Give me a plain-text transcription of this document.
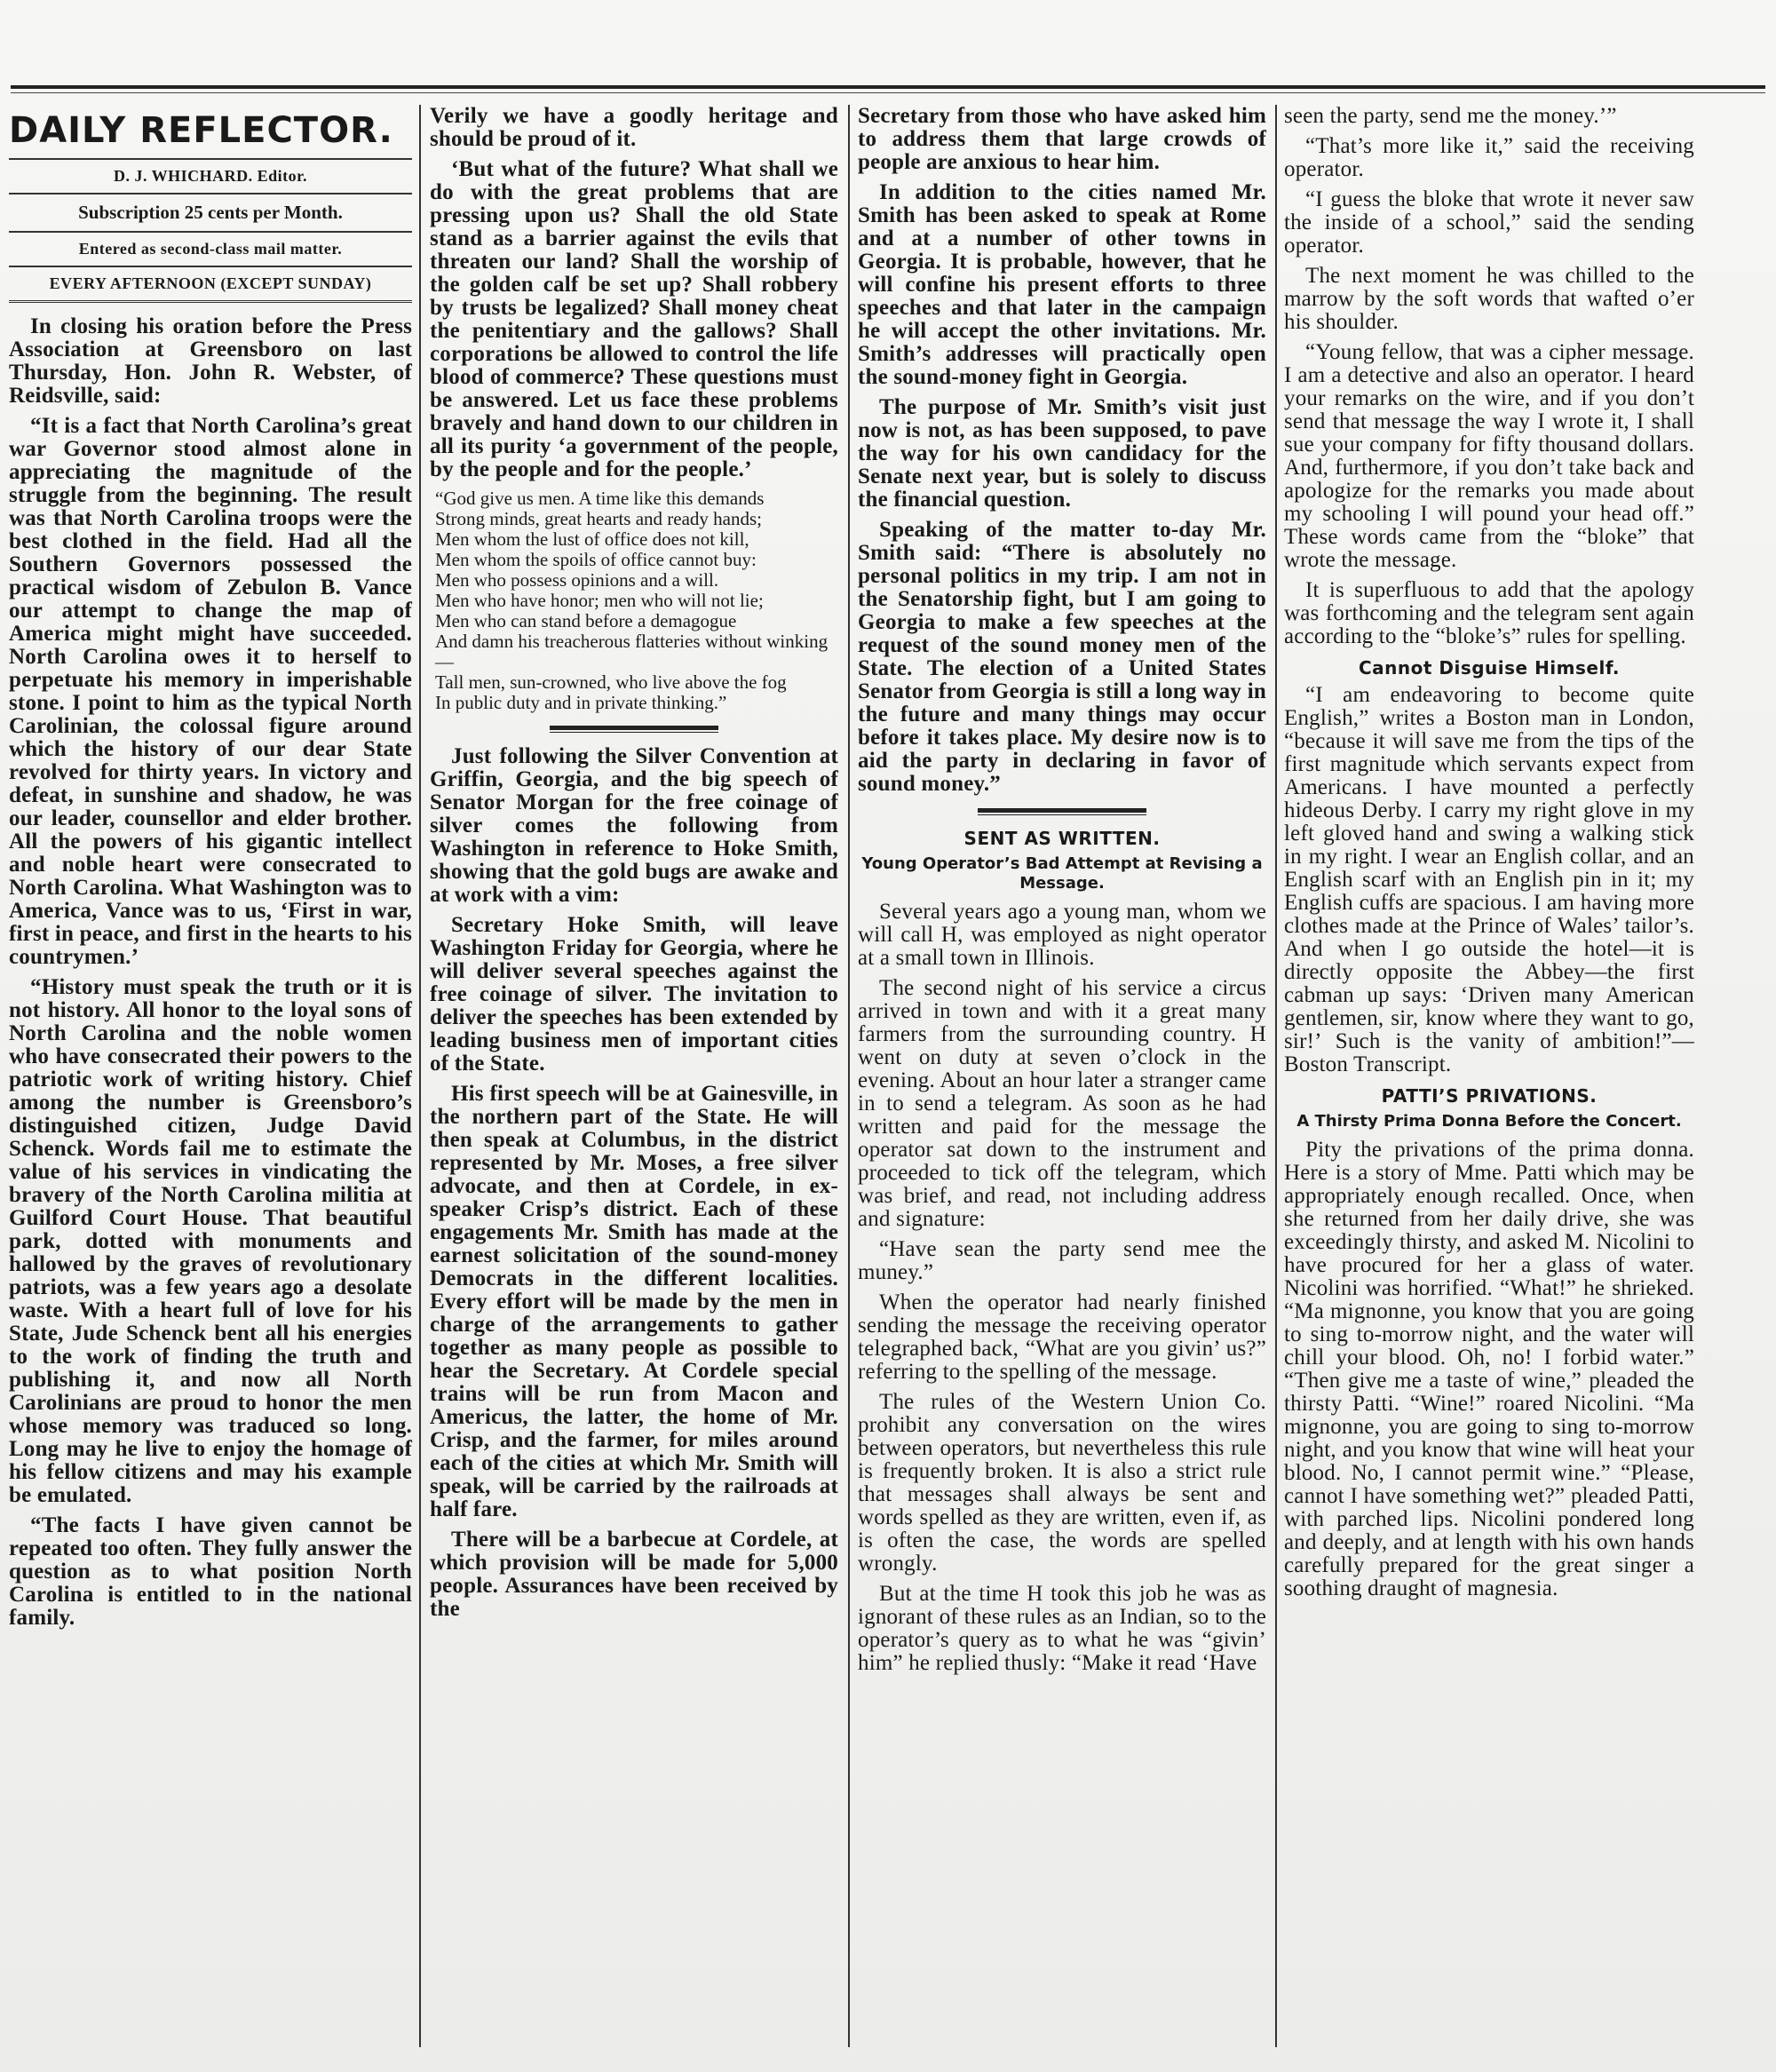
DAILY REFLECTOR.
D. J. WHICHARD. Editor.
Subscription 25 cents per Month.
Entered as second-class mail matter.
EVERY AFTERNOON (EXCEPT SUNDAY)

In closing his oration before the Press Association at Greensboro on last Thursday, Hon. John R. Webster, of Reidsville, said:

“It is a fact that North Carolina’s great war Governor stood almost alone in appreciating the magnitude of the struggle from the beginning. The result was that North Carolina troops were the best clothed in the field. Had all the Southern Governors possessed the practical wisdom of Zebulon B. Vance our attempt to change the map of America might might have succeeded. North Carolina owes it to herself to perpetuate his memory in imperishable stone. I point to him as the typical North Carolinian, the colossal figure around which the history of our dear State revolved for thirty years. In victory and defeat, in sunshine and shadow, he was our leader, counsellor and elder brother. All the powers of his gigantic intellect and noble heart were consecrated to North Carolina. What Washington was to America, Vance was to us, ‘First in war, first in peace, and first in the hearts to his countrymen.’

“History must speak the truth or it is not history. All honor to the loyal sons of North Carolina and the noble women who have consecrated their powers to the patriotic work of writing history. Chief among the number is Greensboro’s distinguished citizen, Judge David Schenck. Words fail me to estimate the value of his services in vindicating the bravery of the North Carolina militia at Guilford Court House. That beautiful park, dotted with monuments and hallowed by the graves of revolutionary patriots, was a few years ago a desolate waste. With a heart full of love for his State, Jude Schenck bent all his energies to the work of finding the truth and publishing it, and now all North Carolinians are proud to honor the men whose memory was traduced so long. Long may he live to enjoy the homage of his fellow citizens and may his example be emulated.

“The facts I have given cannot be repeated too often. They fully answer the question as to what position North Carolina is entitled to in the national family.

Verily we have a goodly heritage and should be proud of it.

‘But what of the future? What shall we do with the great problems that are pressing upon us? Shall the old State stand as a barrier against the evils that threaten our land? Shall the worship of the golden calf be set up? Shall robbery by trusts be legalized? Shall money cheat the penitentiary and the gallows? Shall corporations be allowed to control the life blood of commerce? These questions must be answered. Let us face these problems bravely and hand down to our children in all its purity ‘a government of the people, by the people and for the people.’

“God give us men. A time like this demands
Strong minds, great hearts and ready hands;
Men whom the lust of office does not kill,
Men whom the spoils of office cannot buy:
Men who possess opinions and a will.
Men who have honor; men who will not lie;
Men who can stand before a demagogue
And damn his treacherous flatteries without winking—
Tall men, sun-crowned, who live above the fog
In public duty and in private thinking.”

Just following the Silver Convention at Griffin, Georgia, and the big speech of Senator Morgan for the free coinage of silver comes the following from Washington in reference to Hoke Smith, showing that the gold bugs are awake and at work with a vim:

Secretary Hoke Smith, will leave Washington Friday for Georgia, where he will deliver several speeches against the free coinage of silver. The invitation to deliver the speeches has been extended by leading business men of important cities of the State.

His first speech will be at Gainesville, in the northern part of the State. He will then speak at Columbus, in the district represented by Mr. Moses, a free silver advocate, and then at Cordele, in ex-speaker Crisp’s district. Each of these engagements Mr. Smith has made at the earnest solicitation of the sound-money Democrats in the different localities. Every effort will be made by the men in charge of the arrangements to gather together as many people as possible to hear the Secretary. At Cordele special trains will be run from Macon and Americus, the latter, the home of Mr. Crisp, and the farmer, for miles around each of the cities at which Mr. Smith will speak, will be carried by the railroads at half fare.

There will be a barbecue at Cordele, at which provision will be made for 5,000 people. Assurances have been received by the

Secretary from those who have asked him to address them that large crowds of people are anxious to hear him.

In addition to the cities named Mr. Smith has been asked to speak at Rome and at a number of other towns in Georgia. It is probable, however, that he will confine his present efforts to three speeches and that later in the campaign he will accept the other invitations. Mr. Smith’s addresses will practically open the sound-money fight in Georgia.

The purpose of Mr. Smith’s visit just now is not, as has been supposed, to pave the way for his own candidacy for the Senate next year, but is solely to discuss the financial question.

Speaking of the matter to-day Mr. Smith said: “There is absolutely no personal politics in my trip. I am not in the Senatorship fight, but I am going to Georgia to make a few speeches at the request of the sound money men of the State. The election of a United States Senator from Georgia is still a long way in the future and many things may occur before it takes place. My desire now is to aid the party in declaring in favor of sound money.”

SENT AS WRITTEN.
Young Operator’s Bad Attempt at Revising a Message.

Several years ago a young man, whom we will call H, was employed as night operator at a small town in Illinois.

The second night of his service a circus arrived in town and with it a great many farmers from the surrounding country. H went on duty at seven o’clock in the evening. About an hour later a stranger came in to send a telegram. As soon as he had written and paid for the message the operator sat down to the instrument and proceeded to tick off the telegram, which was brief, and read, not including address and signature:

“Have sean the party send mee the muney.”

When the operator had nearly finished sending the message the receiving operator telegraphed back, “What are you givin’ us?” referring to the spelling of the message.

The rules of the Western Union Co. prohibit any conversation on the wires between operators, but nevertheless this rule is frequently broken. It is also a strict rule that messages shall always be sent and words spelled as they are written, even if, as is often the case, the words are spelled wrongly.

But at the time H took this job he was as ignorant of these rules as an Indian, so to the operator’s query as to what he was “givin’ him” he replied thusly: “Make it read ‘Have

seen the party, send me the money.’”

“That’s more like it,” said the receiving operator.

“I guess the bloke that wrote it never saw the inside of a school,” said the sending operator.

The next moment he was chilled to the marrow by the soft words that wafted o’er his shoulder.

“Young fellow, that was a cipher message. I am a detective and also an operator. I heard your remarks on the wire, and if you don’t send that message the way I wrote it, I shall sue your company for fifty thousand dollars. And, furthermore, if you don’t take back and apologize for the remarks you made about my schooling I will pound your head off.” These words came from the “bloke” that wrote the message.

It is superfluous to add that the apology was forthcoming and the telegram sent again according to the “bloke’s” rules for spelling.

Cannot Disguise Himself.

“I am endeavoring to become quite English,” writes a Boston man in London, “because it will save me from the tips of the first magnitude which servants expect from Americans. I have mounted a perfectly hideous Derby. I carry my right glove in my left gloved hand and swing a walking stick in my right. I wear an English collar, and an English scarf with an English pin in it; my English cuffs are spacious. I am having more clothes made at the Prince of Wales’ tailor’s. And when I go outside the hotel—it is directly opposite the Abbey—the first cabman up says: ‘Driven many American gentlemen, sir, know where they want to go, sir!’ Such is the vanity of ambition!”—Boston Transcript.

PATTI’S PRIVATIONS.
A Thirsty Prima Donna Before the Concert.

Pity the privations of the prima donna. Here is a story of Mme. Patti which may be appropriately enough recalled. Once, when she returned from her daily drive, she was exceedingly thirsty, and asked M. Nicolini to have procured for her a glass of water. Nicolini was horrified. “What!” he shrieked. “Ma mignonne, you know that you are going to sing to-morrow night, and the water will chill your blood. Oh, no! I forbid water.” “Then give me a taste of wine,” pleaded the thirsty Patti. “Wine!” roared Nicolini. “Ma mignonne, you are going to sing to-morrow night, and you know that wine will heat your blood. No, I cannot permit wine.” “Please, cannot I have something wet?” pleaded Patti, with parched lips. Nicolini pondered long and deeply, and at length with his own hands carefully prepared for the great singer a soothing draught of magnesia.
